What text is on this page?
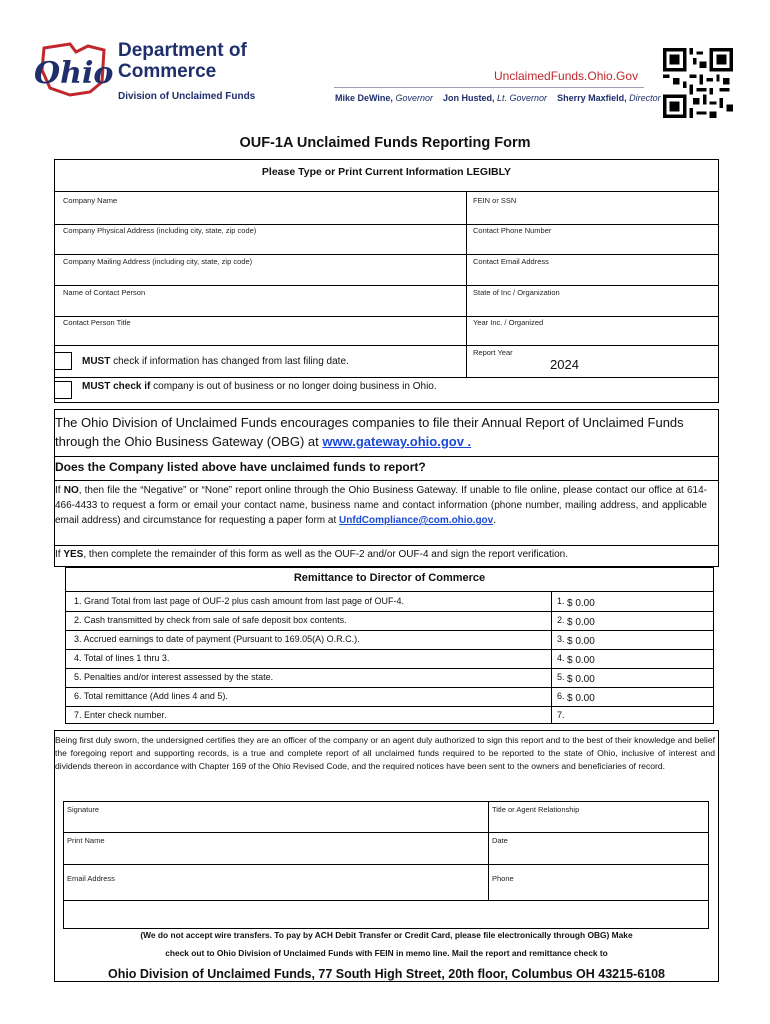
Ohio
Department of
Commerce
Division of Unclaimed Funds
UnclaimedFunds.Ohio.Gov
Mike DeWine, Governor Jon Husted, Lt. Governor Sherry Maxfield, Director
OUF-1A Unclaimed Funds Reporting Form
Please Type or Print Current Information LEGIBLY
Company Name	FEIN or SSN
Company Physical Address (including city, state, zip code)	Contact Phone Number
Company Mailing Address (including city, state, zip code)	Contact Email Address
Name of Contact Person	State of Inc / Organization
Contact Person Title	Year Inc. / Organized
Report Year
2024
MUST check if information has changed from last filing date.
MUST check if company is out of business or no longer doing business in Ohio.
The Ohio Division of Unclaimed Funds encourages companies to file their Annual Report of Unclaimed Funds through the Ohio Business Gateway (OBG) at www.gateway.ohio.gov .
Does the Company listed above have unclaimed funds to report?
If NO, then file the “Negative” or “None” report online through the Ohio Business Gateway. If unable to file online, please contact our office at 614-466-4433 to request a form or email your contact name, business name and contact information (phone number, mailing address, and applicable email address) and circumstance for requesting a paper form at UnfdCompliance@com.ohio.gov.
If YES, then complete the remainder of this form as well as the OUF-2 and/or OUF-4 and sign the report verification.
Remittance to Director of Commerce
1. Grand Total from last page of OUF-2 plus cash amount from last page of OUF-4.	1. $ 0.00
2. Cash transmitted by check from sale of safe deposit box contents.	2. $ 0.00
3. Accrued earnings to date of payment (Pursuant to 169.05(A) O.R.C.).	3. $ 0.00
4. Total of lines 1 thru 3.	4. $ 0.00
5. Penalties and/or interest assessed by the state.	5. $ 0.00
6. Total remittance (Add lines 4 and 5).	6. $ 0.00
7. Enter check number.	7.
Being first duly sworn, the undersigned certifies they are an officer of the company or an agent duly authorized to sign this report and to the best of their knowledge and belief the foregoing report and supporting records, is a true and complete report of all unclaimed funds required to be reported to the state of Ohio, inclusive of interest and dividends thereon in accordance with Chapter 169 of the Ohio Revised Code, and the required notices have been sent to the owners and beneficiaries of record.
Signature	Title or Agent Relationship
Print Name	Date
Email Address	Phone
(We do not accept wire transfers. To pay by ACH Debit Transfer or Credit Card, please file electronically through OBG) Make
check out to Ohio Division of Unclaimed Funds with FEIN in memo line. Mail the report and remittance check to
Ohio Division of Unclaimed Funds, 77 South High Street, 20th floor, Columbus OH 43215-6108
